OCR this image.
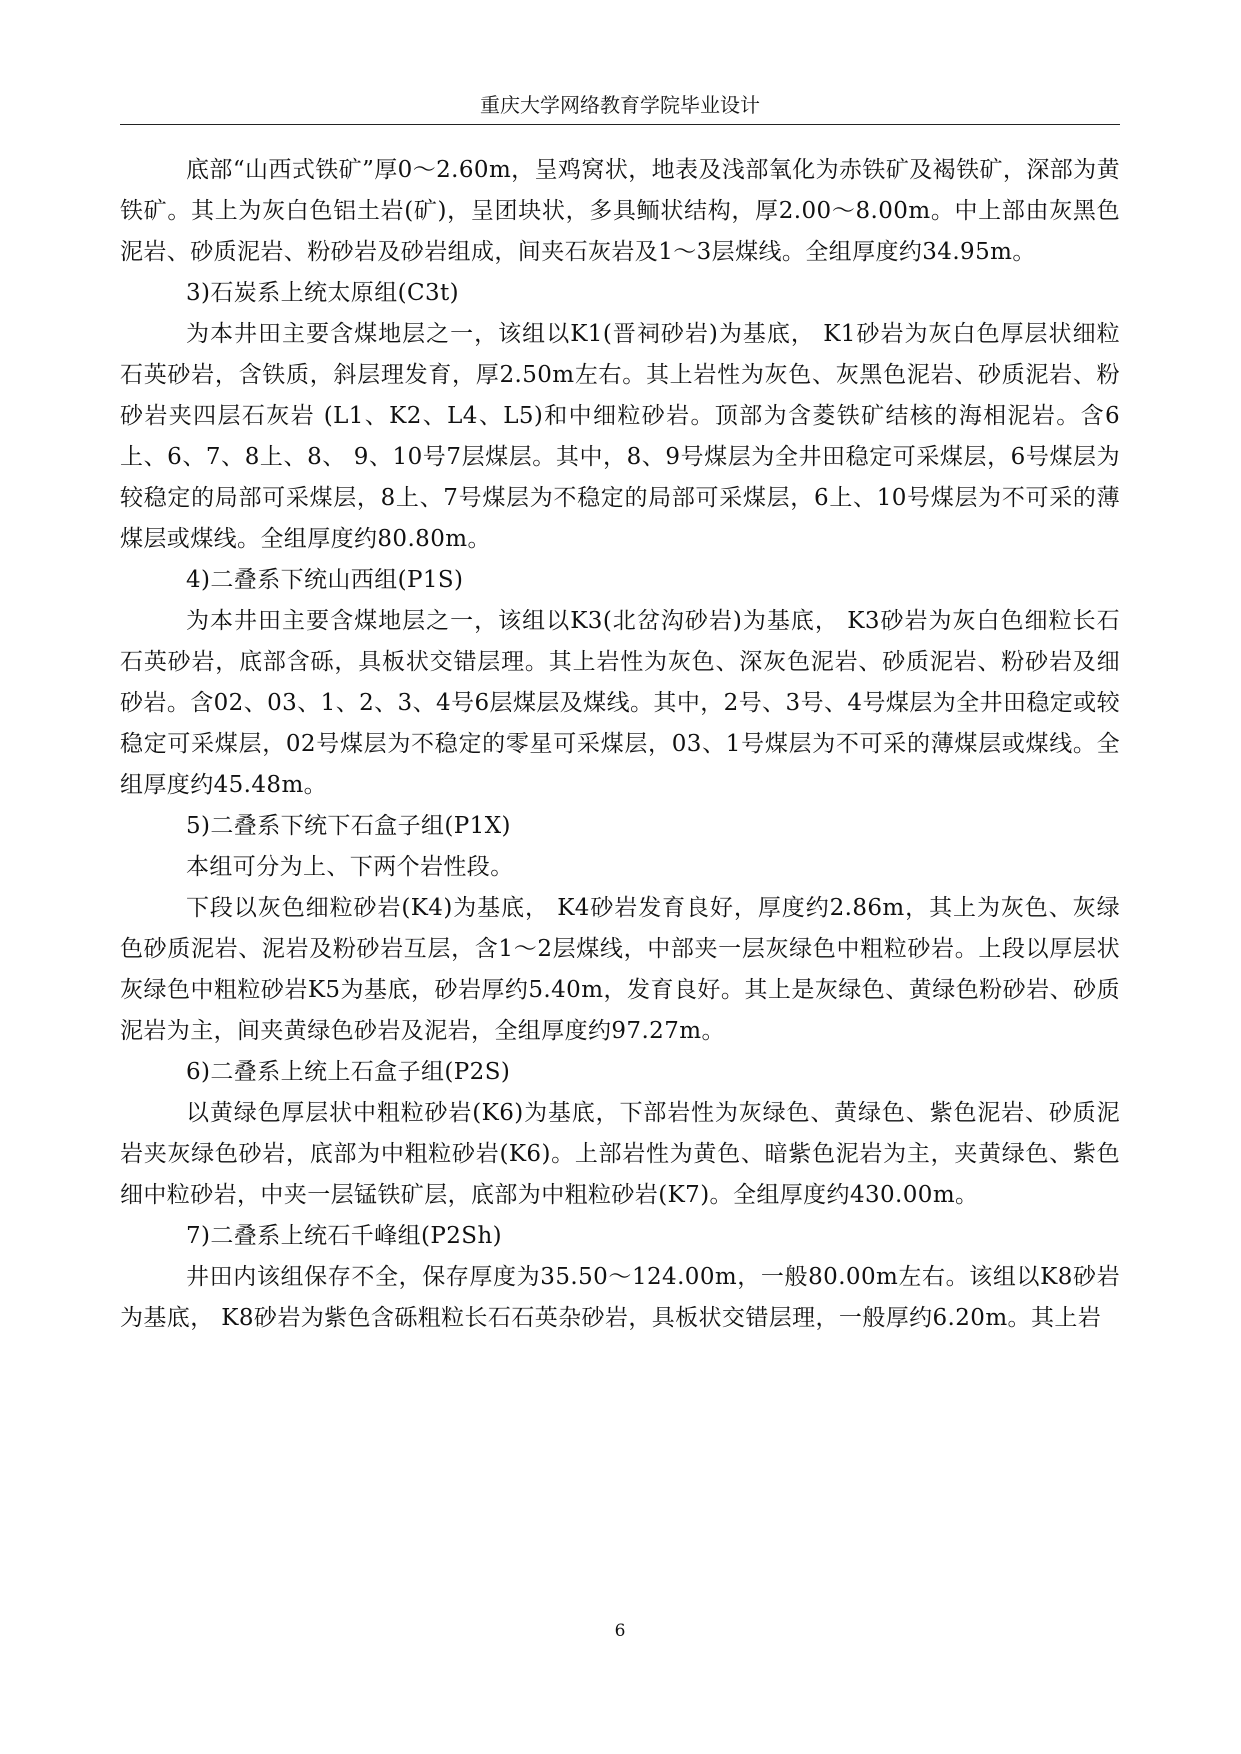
重庆大学网络教育学院毕业设计

底部“山西式铁矿”厚0～2.60m，呈鸡窝状，地表及浅部氧化为赤铁矿及褐铁矿，深部为黄铁矿。其上为灰白色铝土岩(矿)，呈团块状，多具鲕状结构，厚2.00～8.00m。中上部由灰黑色泥岩、砂质泥岩、粉砂岩及砂岩组成，间夹石灰岩及1～3层煤线。全组厚度约34.95m。

3)石炭系上统太原组(C3t)

为本井田主要含煤地层之一，该组以K1(晋祠砂岩)为基底， K1砂岩为灰白色厚层状细粒石英砂岩，含铁质，斜层理发育，厚2.50m左右。其上岩性为灰色、灰黑色泥岩、砂质泥岩、粉砂岩夹四层石灰岩 (L1、K2、L4、L5)和中细粒砂岩。顶部为含菱铁矿结核的海相泥岩。含6上、6、7、8上、8、 9、10号7层煤层。其中，8、9号煤层为全井田稳定可采煤层，6号煤层为较稳定的局部可采煤层，8上、7号煤层为不稳定的局部可采煤层，6上、10号煤层为不可采的薄煤层或煤线。全组厚度约80.80m。

4)二叠系下统山西组(P1S)

为本井田主要含煤地层之一，该组以K3(北岔沟砂岩)为基底， K3砂岩为灰白色细粒长石石英砂岩，底部含砾，具板状交错层理。其上岩性为灰色、深灰色泥岩、砂质泥岩、粉砂岩及细砂岩。含02、03、1、2、3、4号6层煤层及煤线。其中，2号、3号、4号煤层为全井田稳定或较稳定可采煤层，02号煤层为不稳定的零星可采煤层，03、1号煤层为不可采的薄煤层或煤线。全组厚度约45.48m。

5)二叠系下统下石盒子组(P1X)

本组可分为上、下两个岩性段。

下段以灰色细粒砂岩(K4)为基底， K4砂岩发育良好，厚度约2.86m，其上为灰色、灰绿色砂质泥岩、泥岩及粉砂岩互层，含1～2层煤线，中部夹一层灰绿色中粗粒砂岩。上段以厚层状灰绿色中粗粒砂岩K5为基底，砂岩厚约5.40m，发育良好。其上是灰绿色、黄绿色粉砂岩、砂质泥岩为主，间夹黄绿色砂岩及泥岩，全组厚度约97.27m。

6)二叠系上统上石盒子组(P2S)

以黄绿色厚层状中粗粒砂岩(K6)为基底，下部岩性为灰绿色、黄绿色、紫色泥岩、砂质泥岩夹灰绿色砂岩，底部为中粗粒砂岩(K6)。上部岩性为黄色、暗紫色泥岩为主，夹黄绿色、紫色细中粒砂岩，中夹一层锰铁矿层，底部为中粗粒砂岩(K7)。全组厚度约430.00m。

7)二叠系上统石千峰组(P2Sh)

井田内该组保存不全，保存厚度为35.50～124.00m，一般80.00m左右。该组以K8砂岩为基底， K8砂岩为紫色含砾粗粒长石石英杂砂岩，具板状交错层理，一般厚约6.20m。其上岩

6
